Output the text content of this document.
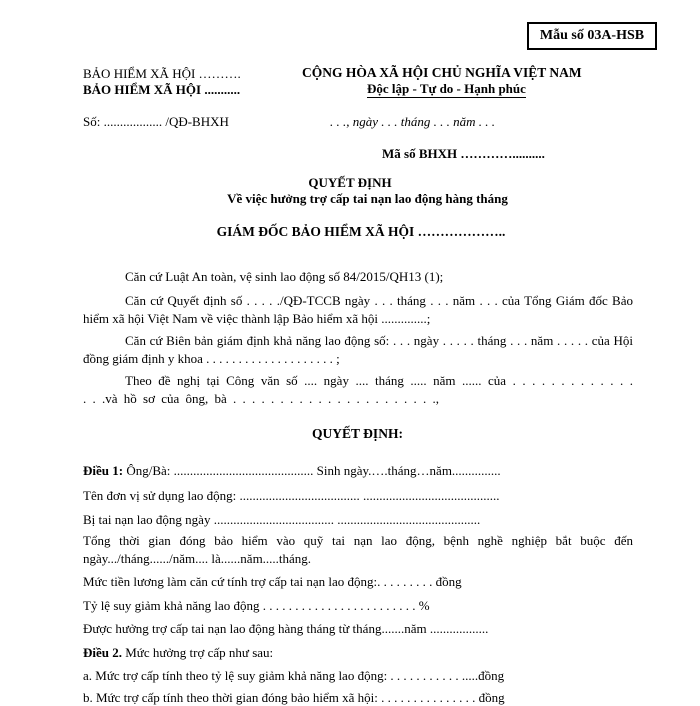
Mẫu số 03A-HSB
BẢO HIỂM XÃ HỘI ……….
BẢO HIỂM XÃ HỘI ...........
CỘNG HÒA XÃ HỘI CHỦ NGHĨA VIỆT NAM
Độc lập - Tự do - Hạnh phúc
Số: .................. /QĐ-BHXH	. . ., ngày . . . tháng . . . năm . . .
Mã số BHXH …………..........
QUYẾT ĐỊNH
Về việc hưởng trợ cấp tai nạn lao động hàng tháng
GIÁM ĐỐC BẢO HIỂM XÃ HỘI ………………..
Căn cứ Luật An toàn, vệ sinh lao động số 84/2015/QH13 (1);
Căn cứ Quyết định số . . . . ./QĐ-TCCB ngày . . . tháng . . . năm . . . của Tổng Giám đốc Bảo hiểm xã hội Việt Nam về việc thành lập Bảo hiểm xã hội ..............;
Căn cứ Biên bản giám định khả năng lao động số: . . . ngày . . . . . tháng . . . năm . . . . . của Hội đồng giám định y khoa . . . . . . . . . . . . . . . . . . . . ;
Theo đề nghị tại Công văn số .... ngày .... tháng ..... năm ...... của . . . . . . . . . . . . . . . .và hồ sơ của ông, bà . . . . . . . . . . . . . . . . . . . . . .,
QUYẾT ĐỊNH:
Điều 1: Ông/Bà: ........................................... Sinh ngày.….tháng…năm...............
Tên đơn vị sử dụng lao động: ..................................... ..........................................
Bị tai nạn lao động ngày ..................................... ............................................
Tổng thời gian đóng bảo hiểm vào quỹ tai nạn lao động, bệnh nghề nghiệp bắt buộc đến ngày.../tháng....../năm.... là......năm.....tháng.
Mức tiền lương làm căn cứ tính trợ cấp tai nạn lao động:. . . . . . . . . đồng
Tỷ lệ suy giảm khả năng lao động . . . . . . . . . . . . . . . . . . . . . . . . %
Được hưởng trợ cấp tai nạn lao động hàng tháng từ tháng.......năm ..................
Điều 2. Mức hưởng trợ cấp như sau:
a. Mức trợ cấp tính theo tỷ lệ suy giảm khả năng lao động: . . . . . . . . . . . .....đồng
b. Mức trợ cấp tính theo thời gian đóng bảo hiểm xã hội: . . . . . . . . . . . . . . . đồng
